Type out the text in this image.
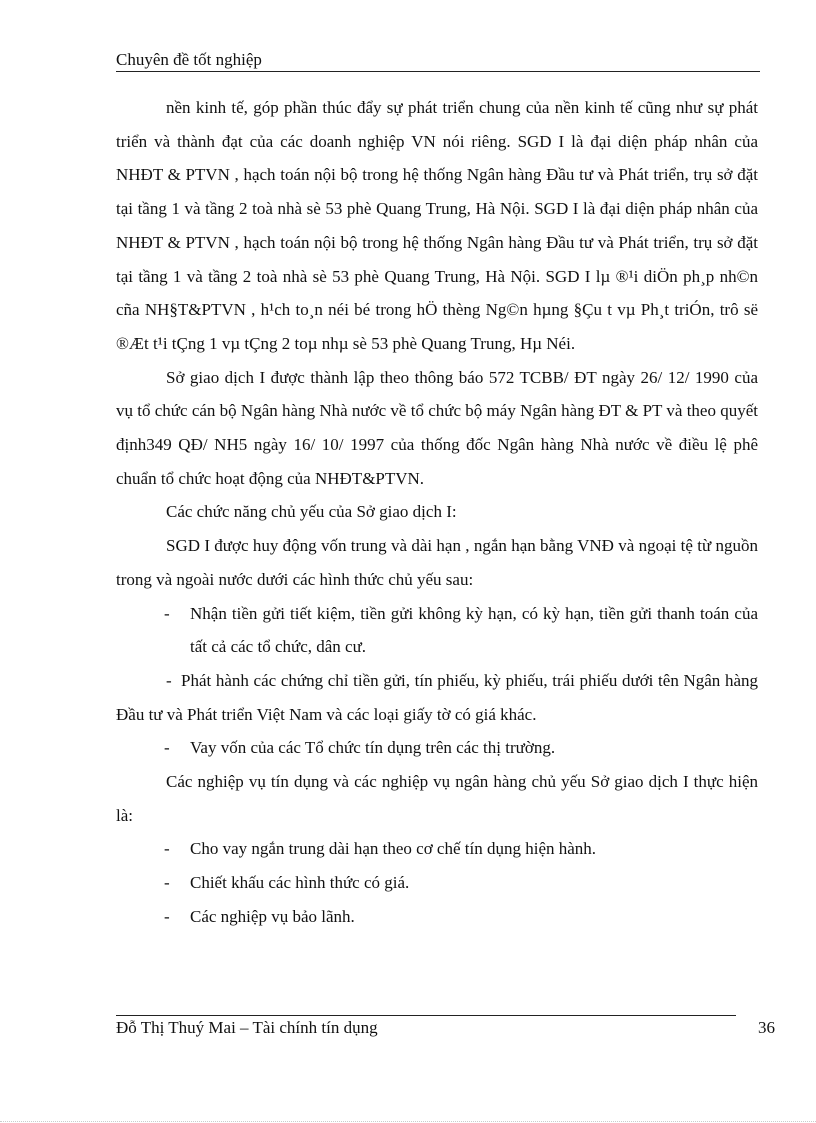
Chuyên đề tốt nghiệp

nền kinh tế, góp phần thúc đẩy sự phát triển chung của nền kinh tế cũng như sự phát triển và thành đạt của các doanh nghiệp VN nói riêng. SGD I là đại diện pháp nhân của NHĐT & PTVN , hạch toán nội bộ trong hệ thống Ngân hàng Đầu tư và Phát triển, trụ sở đặt tại tầng 1 và tầng 2 toà nhà sè 53 phè Quang Trung, Hà Nội. SGD I là đại diện pháp nhân của NHĐT & PTVN , hạch toán nội bộ trong hệ thống Ngân hàng Đầu tư và Phát triển, trụ sở đặt tại tầng 1 và tầng 2 toà nhà sè 53 phè Quang Trung, Hà Nội. SGD I lµ ®¹i diÖn ph¸p nh©n cña NH§T&PTVN , h¹ch to¸n néi bé trong hÖ thèng Ng©n hµng §Çu t vµ Ph¸t triÓn, trô së ®Æt t¹i tÇng 1 vµ tÇng 2 toµ nhµ sè 53 phè Quang Trung, Hµ Néi.

Sở giao dịch I được thành lập theo thông báo 572 TCBB/ ĐT ngày 26/ 12/ 1990 của vụ tổ chức cán bộ Ngân hàng Nhà nước về tổ chức bộ máy Ngân hàng ĐT & PT và theo quyết định349 QĐ/ NH5 ngày 16/ 10/ 1997 của thống đốc Ngân hàng Nhà nước về điều lệ phê chuẩn tổ chức hoạt động của NHĐT&PTVN.

Các chức năng chủ yếu của Sở giao dịch I:

SGD I được huy động vốn trung và dài hạn , ngắn hạn bằng VNĐ và ngoại tệ từ nguồn trong và ngoài nước dưới các hình thức chủ yếu sau:

- Nhận tiền gửi tiết kiệm, tiền gửi không kỳ hạn, có kỳ hạn, tiền gửi thanh toán của tất cả các tổ chức, dân cư.
- Phát hành các chứng chỉ tiền gửi, tín phiếu, kỳ phiếu, trái phiếu dưới tên Ngân hàng Đầu tư và Phát triển Việt Nam và các loại giấy tờ có giá khác.
- Vay vốn của các Tổ chức tín dụng trên các thị trường.

Các nghiệp vụ tín dụng và các nghiệp vụ ngân hàng chủ yếu Sở giao dịch I thực hiện là:

- Cho vay ngắn trung dài hạn theo cơ chế tín dụng hiện hành.
- Chiết khấu các hình thức có giá.
- Các nghiệp vụ bảo lãnh.
Đỗ Thị Thuý Mai – Tài chính tín dụng	36
